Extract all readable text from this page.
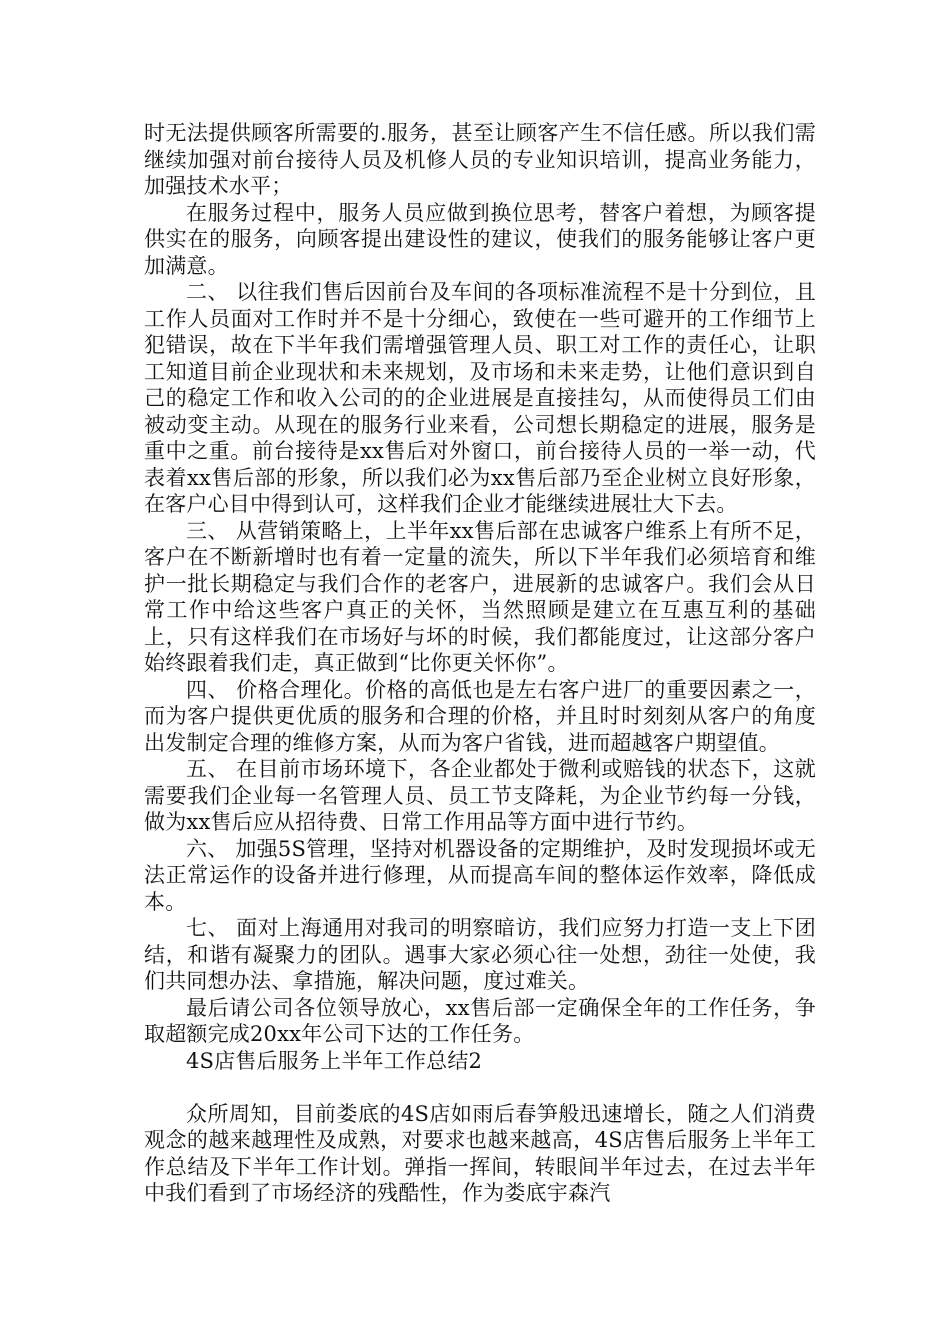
时无法提供顾客所需要的.服务，甚至让顾客产生不信任感。所以我们需继续加强对前台接待人员及机修人员的专业知识培训，提高业务能力，加强技术水平；

在服务过程中，服务人员应做到换位思考，替客户着想，为顾客提供实在的服务，向顾客提出建设性的建议，使我们的服务能够让客户更加满意。

二、 以往我们售后因前台及车间的各项标准流程不是十分到位，且工作人员面对工作时并不是十分细心，致使在一些可避开的工作细节上犯错误，故在下半年我们需增强管理人员、职工对工作的责任心，让职工知道目前企业现状和未来规划，及市场和未来走势，让他们意识到自己的稳定工作和收入公司的的企业进展是直接挂勾，从而使得员工们由被动变主动。从现在的服务行业来看，公司想长期稳定的进展，服务是重中之重。前台接待是xx售后对外窗口，前台接待人员的一举一动，代表着xx售后部的形象，所以我们必为xx售后部乃至企业树立良好形象，在客户心目中得到认可，这样我们企业才能继续进展壮大下去。

三、 从营销策略上，上半年xx售后部在忠诚客户维系上有所不足，客户在不断新增时也有着一定量的流失，所以下半年我们必须培育和维护一批长期稳定与我们合作的老客户，进展新的忠诚客户。我们会从日常工作中给这些客户真正的关怀，当然照顾是建立在互惠互利的基础上，只有这样我们在市场好与坏的时候，我们都能度过，让这部分客户始终跟着我们走，真正做到“比你更关怀你”。

四、 价格合理化。价格的高低也是左右客户进厂的重要因素之一，而为客户提供更优质的服务和合理的价格，并且时时刻刻从客户的角度出发制定合理的维修方案，从而为客户省钱，进而超越客户期望值。

五、 在目前市场环境下，各企业都处于微利或赔钱的状态下，这就需要我们企业每一名管理人员、员工节支降耗，为企业节约每一分钱，做为xx售后应从招待费、日常工作用品等方面中进行节约。

六、 加强5S管理，坚持对机器设备的定期维护，及时发现损坏或无法正常运作的设备并进行修理，从而提高车间的整体运作效率，降低成本。

七、 面对上海通用对我司的明察暗访，我们应努力打造一支上下团结，和谐有凝聚力的团队。遇事大家必须心往一处想，劲往一处使，我们共同想办法、拿措施，解决问题，度过难关。

最后请公司各位领导放心，xx售后部一定确保全年的工作任务，争取超额完成20xx年公司下达的工作任务。

4S店售后服务上半年工作总结2

众所周知，目前娄底的4S店如雨后春笋般迅速增长，随之人们消费观念的越来越理性及成熟，对要求也越来越高，4S店售后服务上半年工作总结及下半年工作计划。弹指一挥间，转眼间半年过去，在过去半年中我们看到了市场经济的残酷性，作为娄底宇森汽
